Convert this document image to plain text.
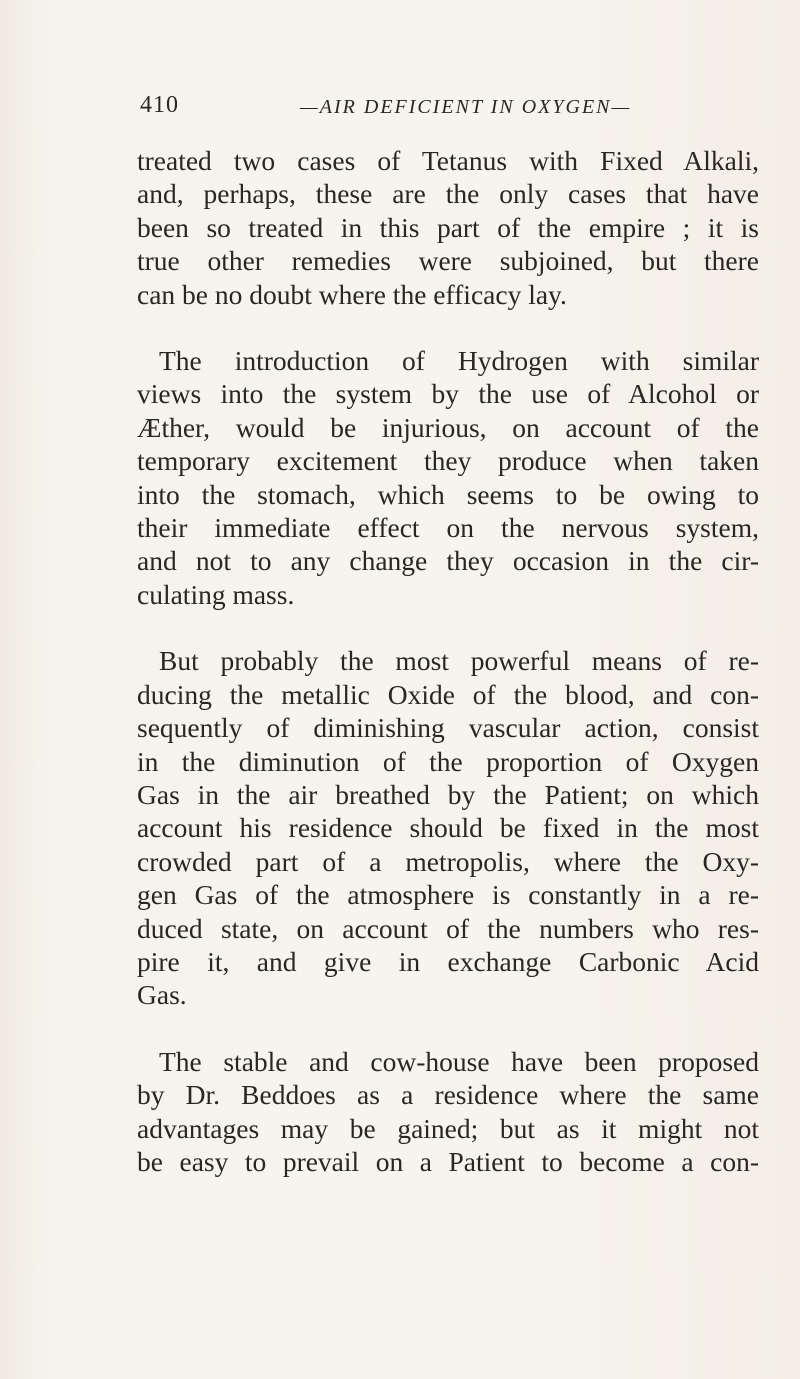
410	—AIR DEFICIENT IN OXYGEN—
treated two cases of Tetanus with Fixed Alkali,
and, perhaps, these are the only cases that have
been so treated in this part of the empire ; it is
true other remedies were subjoined, but there
can be no doubt where the efficacy lay.
The introduction of Hydrogen with similar
views into the system by the use of Alcohol or
Æther, would be injurious, on account of the
temporary excitement they produce when taken
into the stomach, which seems to be owing to
their immediate effect on the nervous system,
and not to any change they occasion in the cir-
culating mass.
But probably the most powerful means of re-
ducing the metallic Oxide of the blood, and con-
sequently of diminishing vascular action, consist
in the diminution of the proportion of Oxygen
Gas in the air breathed by the Patient; on which
account his residence should be fixed in the most
crowded part of a metropolis, where the Oxy-
gen Gas of the atmosphere is constantly in a re-
duced state, on account of the numbers who res-
pire it, and give in exchange Carbonic Acid
Gas.
The stable and cow-house have been proposed
by Dr. Beddoes as a residence where the same
advantages may be gained; but as it might not
be easy to prevail on a Patient to become a con-
